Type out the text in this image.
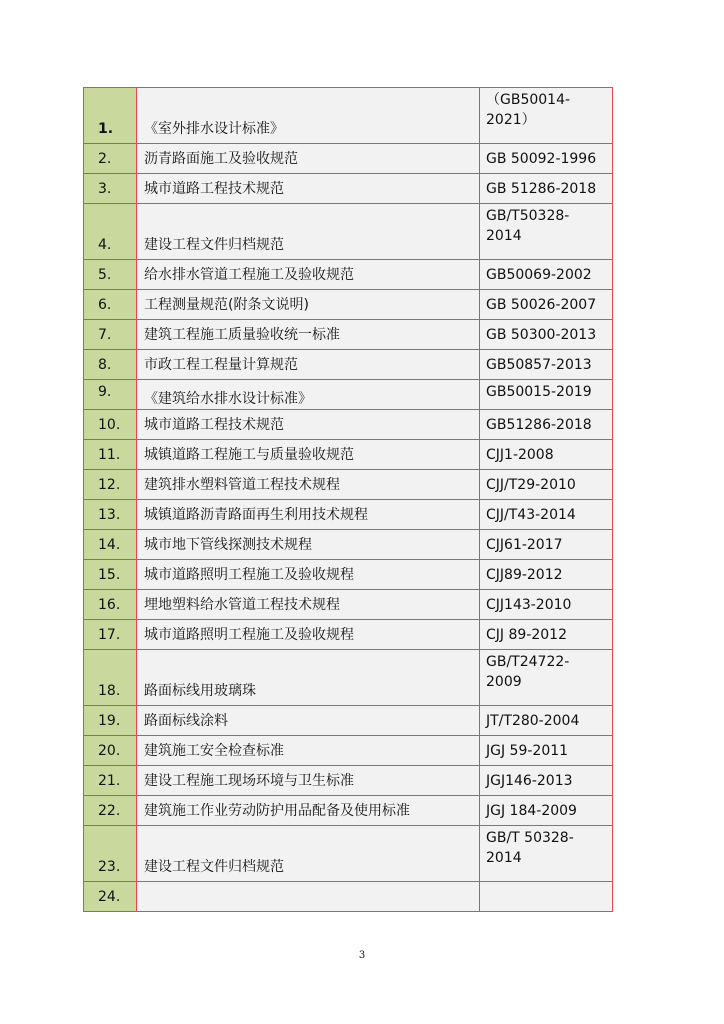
1.	《室外排水设计标准》	（GB50014-
2021）

2.	沥青路面施工及验收规范	GB 50092-1996
3.	城市道路工程技术规范	GB 51286-2018
4.	建设工程文件归档规范	GB/T50328-
2014

5.	给水排水管道工程施工及验收规范	GB50069-2002
6.	工程测量规范(附条文说明)	GB 50026-2007
7.	建筑工程施工质量验收统一标准	GB 50300-2013
8.	市政工程工程量计算规范	GB50857-2013
9.	《建筑给水排水设计标准》	GB50015-2019
10.	城市道路工程技术规范	GB51286-2018
11.	城镇道路工程施工与质量验收规范	CJJ1-2008
12.	建筑排水塑料管道工程技术规程	CJJ/T29-2010
13.	城镇道路沥青路面再生利用技术规程	CJJ/T43-2014
14.	城市地下管线探测技术规程	CJJ61-2017
15.	城市道路照明工程施工及验收规程	CJJ89-2012
16.	埋地塑料给水管道工程技术规程	CJJ143-2010
17.	城市道路照明工程施工及验收规程	CJJ 89-2012
18.	路面标线用玻璃珠	GB/T24722-
2009

19.	路面标线涂料	JT/T280-2004
20.	建筑施工安全检查标准	JGJ 59-2011
21.	建设工程施工现场环境与卫生标准	JGJ146-2013
22.	建筑施工作业劳动防护用品配备及使用标准	JGJ 184-2009
23.	建设工程文件归档规范	GB/T 50328-
2014

24.		
3
